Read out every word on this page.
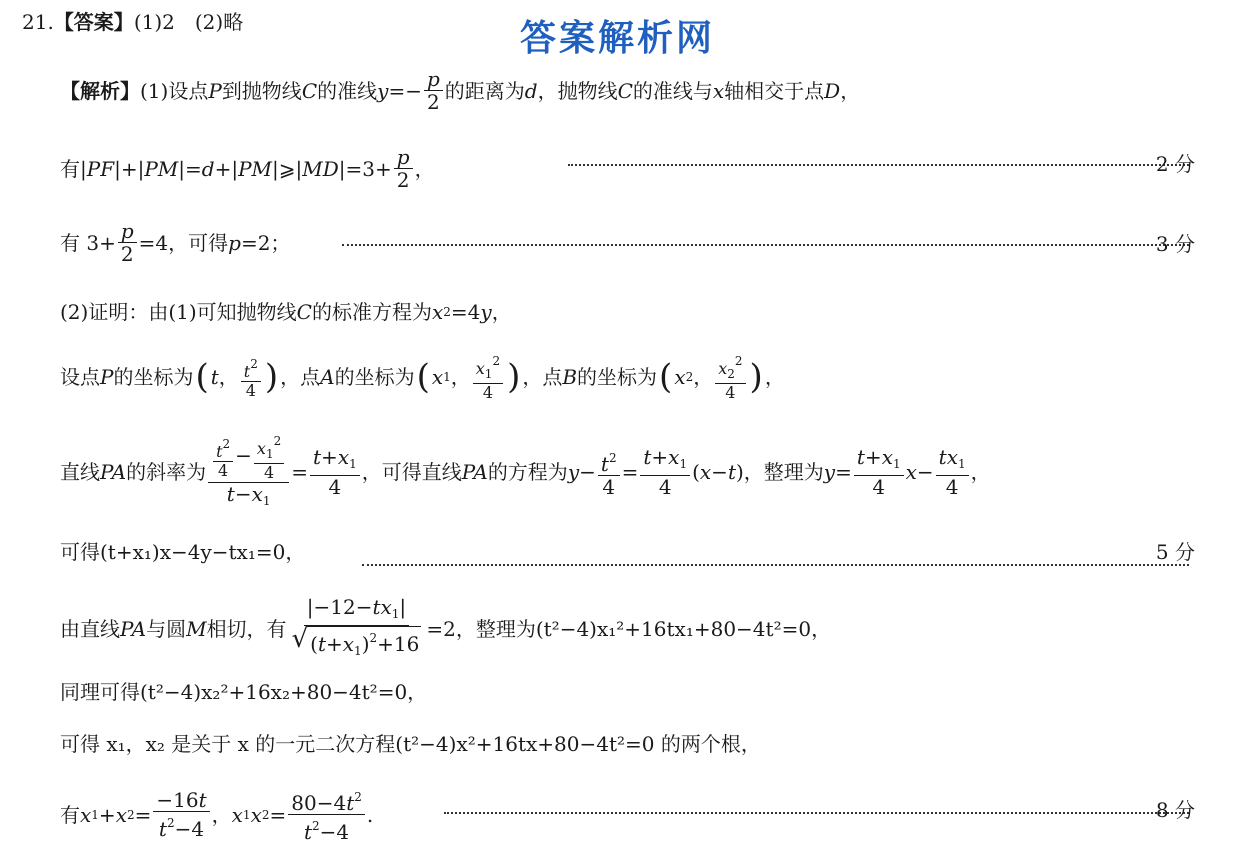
21.【答案】(1)2　(2)略	答案解析网
【解析】 (1)设点 P 到抛物线 C 的准线 $y =- \frac{p}{2}$ 的距离为 d ，抛物线 C 的准线与 x 轴相交于点 D ，
有| PF |+| PM |= d +| PM |⩾| MD $|=3+ \frac{p}{2}$ ，	2 分
有 $3+ \frac{p}{2} =4$，可得 p =2；	3 分
(2)证明：由(1)可知抛物线 C 的标准方程为 x 2 =4 y ，
设点 P 的坐标为 ( t ， $\frac{t^2}{4}$ ) ，点 A 的坐标为 ( x 1 ， $\frac{x_1^2}{4}$ ) ，点 B 的坐标为 ( x 2 ， $\frac{x_2^2}{4}$ ) ，
直线 PA 的斜率为 $\frac{\frac{t^2}{4} - \frac{x_1^2}{4}}{t-x_1} = \frac{t+x_1}{4}$ ，可得直线 PA 的方程为 $y - \frac{t^2}{4} = \frac{t+x_1}{4}$ ( x − t ) ，整理为 $y = \frac{t+x_1}{4}$ $x - \frac{tx_1}{4}$ ，
可得(t+x₁)x−4y−tx₁=0，	5 分
由直线 PA 与圆 M 相切，有 $\frac{|-12-tx_1|}{√ (t+x_1)^2+16} =2$，整理为 (t²−4)x₁²+16tx₁+80−4t²=0，
同理可得(t²−4)x₂²+16x₂+80−4t²=0，
可得 x₁，x₂ 是关于 x 的一元二次方程(t²−4)x²+16tx+80−4t²=0 的两个根，
有 x 1 + x $2 = \frac{-16t}{t^2-4}$ ， x 1 x $2 = \frac{80-4t^2}{t^2-4}$ .	8 分
